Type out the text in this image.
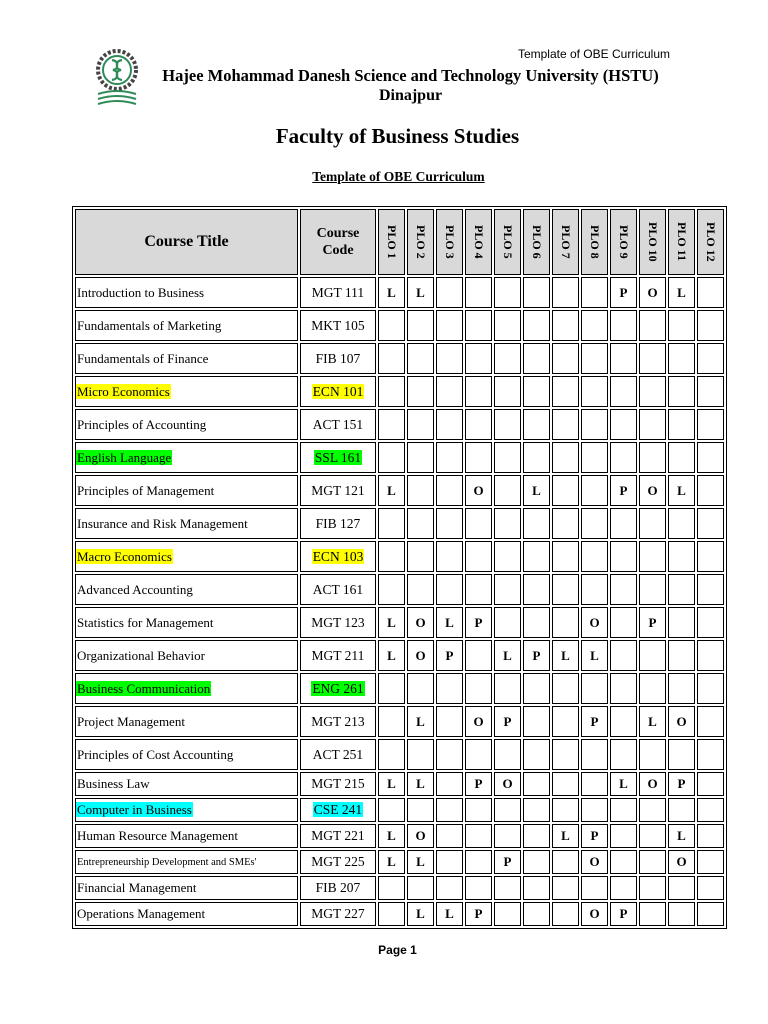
Template of OBE Curriculum
Hajee Mohammad Danesh Science and Technology University (HSTU)
Dinajpur
Faculty of Business Studies
Template of OBE Curriculum
Course Title	Course Code	PLO 1	PLO 2	PLO 3	PLO 4	PLO 5	PLO 6	PLO 7	PLO 8	PLO 9	PLO 10	PLO 11	PLO 12

Introduction to Business	MGT 111	L	L							P	O	L	
Fundamentals of Marketing	MKT 105												
Fundamentals of Finance	FIB 107												
Micro Economics	ECN 101												
Principles of Accounting	ACT 151												
English Language	SSL 161												
Principles of Management	MGT 121	L			O		L			P	O	L	
Insurance and Risk Management	FIB 127												
Macro Economics	ECN 103												
Advanced Accounting	ACT 161												
Statistics for Management	MGT 123	L	O	L	P				O		P		
Organizational Behavior	MGT 211	L	O	P		L	P	L	L				
Business Communication	ENG 261												
Project Management	MGT 213		L		O	P			P		L	O	
Principles of Cost Accounting	ACT 251												
Business Law	MGT 215	L	L		P	O				L	O	P	
Computer in Business	CSE 241												
Human Resource Management	MGT 221	L	O					L	P			L	
Entrepreneurship Development and SMEs'	MGT 225	L	L			P			O			O	
Financial Management	FIB 207												
Operations Management	MGT 227		L	L	P				O	P			
Page 1
